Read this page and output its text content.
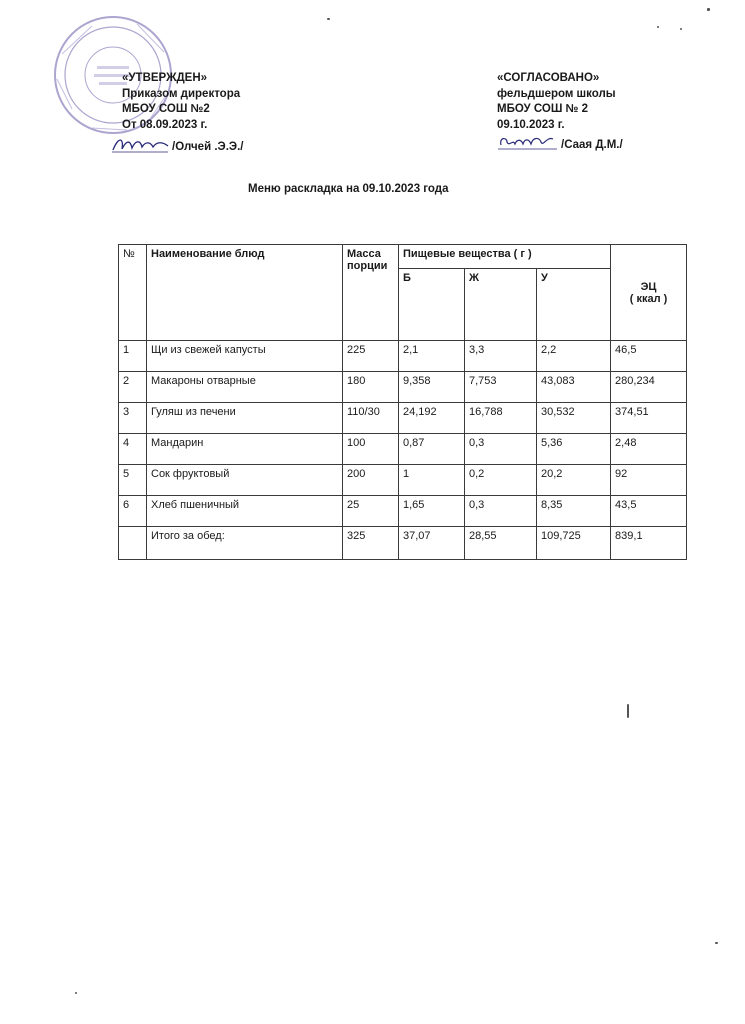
«УТВЕРЖДЕН»
Приказом директора
МБОУ СОШ №2
От 08.09.2023 г.
/Олчей .Э.Э./
«СОГЛАСОВАНО»
фельдшером школы
МБОУ СОШ № 2
09.10.2023 г.
/Саая Д.М./
Меню раскладка на 09.10.2023 года
№	Наименование блюд	Масса порции	Пищевые вещества ( г )			ЭЦ
( ккал )

			Б	Ж	У	
1	Щи из свежей капусты	225	2,1	3,3	2,2	46,5
2	Макароны отварные	180	9,358	7,753	43,083	280,234
3	Гуляш из печени	110/30	24,192	16,788	30,532	374,51
4	Мандарин	100	0,87	0,3	5,36	2,48
5	Сок фруктовый	200	1	0,2	20,2	92
6	Хлеб пшеничный	25	1,65	0,3	8,35	43,5
	Итого за обед:	325	37,07	28,55	109,725	839,1
